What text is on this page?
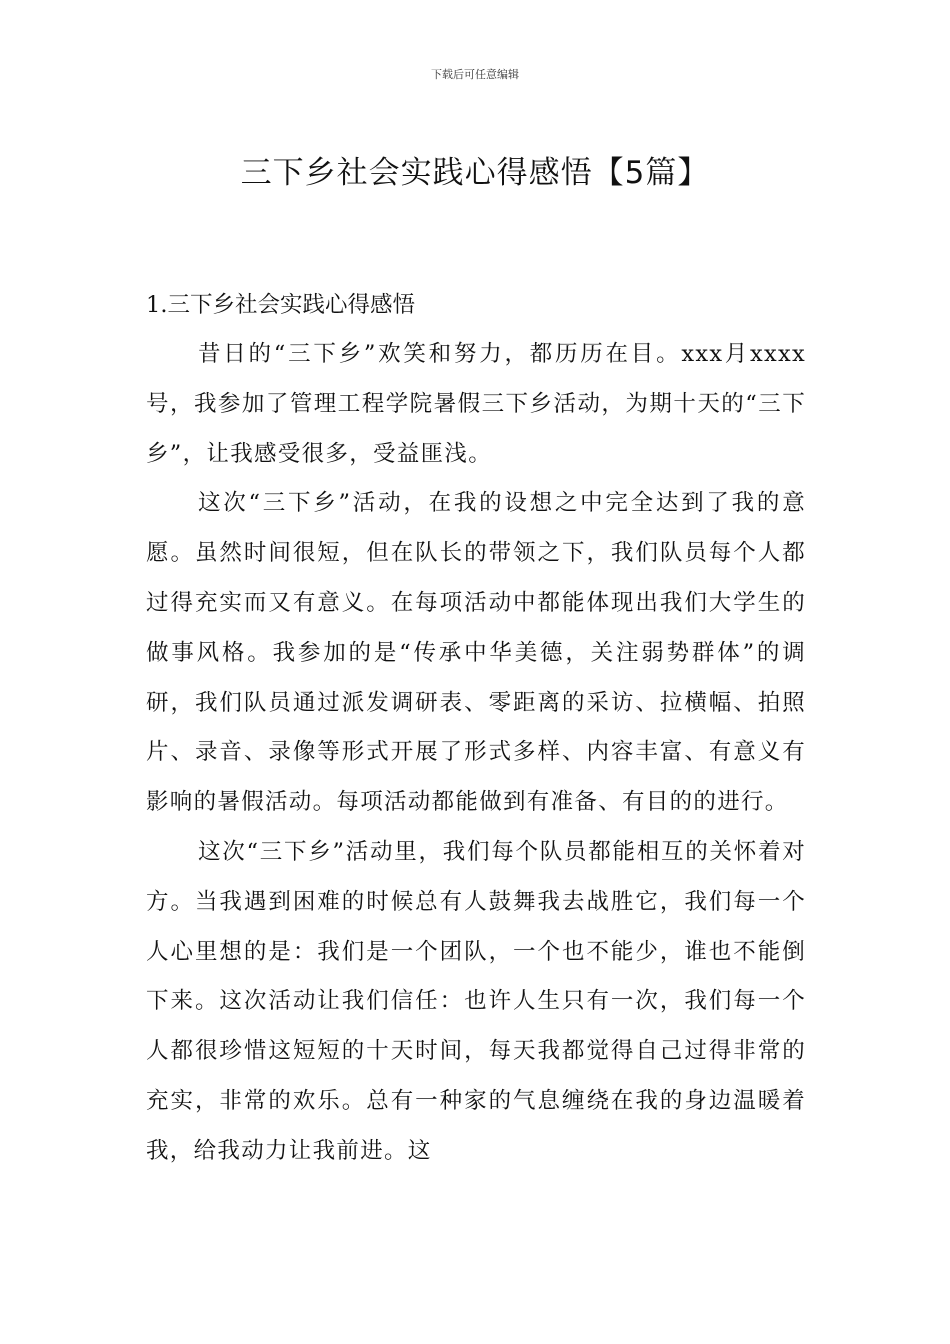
下载后可任意编辑
三下乡社会实践心得感悟【5篇】

1.三下乡社会实践心得感悟

昔日的“三下乡”欢笑和努力，都历历在目。xxx月xxxx号，我参加了管理工程学院暑假三下乡活动，为期十天的“三下乡”，让我感受很多，受益匪浅。

这次“三下乡”活动，在我的设想之中完全达到了我的意愿。虽然时间很短，但在队长的带领之下，我们队员每个人都过得充实而又有意义。在每项活动中都能体现出我们大学生的做事风格。我参加的是“传承中华美德，关注弱势群体”的调研，我们队员通过派发调研表、零距离的采访、拉横幅、拍照片、录音、录像等形式开展了形式多样、内容丰富、有意义有影响的暑假活动。每项活动都能做到有准备、有目的的进行。

这次“三下乡”活动里，我们每个队员都能相互的关怀着对方。当我遇到困难的时候总有人鼓舞我去战胜它，我们每一个人心里想的是：我们是一个团队，一个也不能少，谁也不能倒下来。这次活动让我们信任：也许人生只有一次，我们每一个人都很珍惜这短短的十天时间，每天我都觉得自己过得非常的充实，非常的欢乐。总有一种家的气息缠绕在我的身边温暖着我，给我动力让我前进。这
